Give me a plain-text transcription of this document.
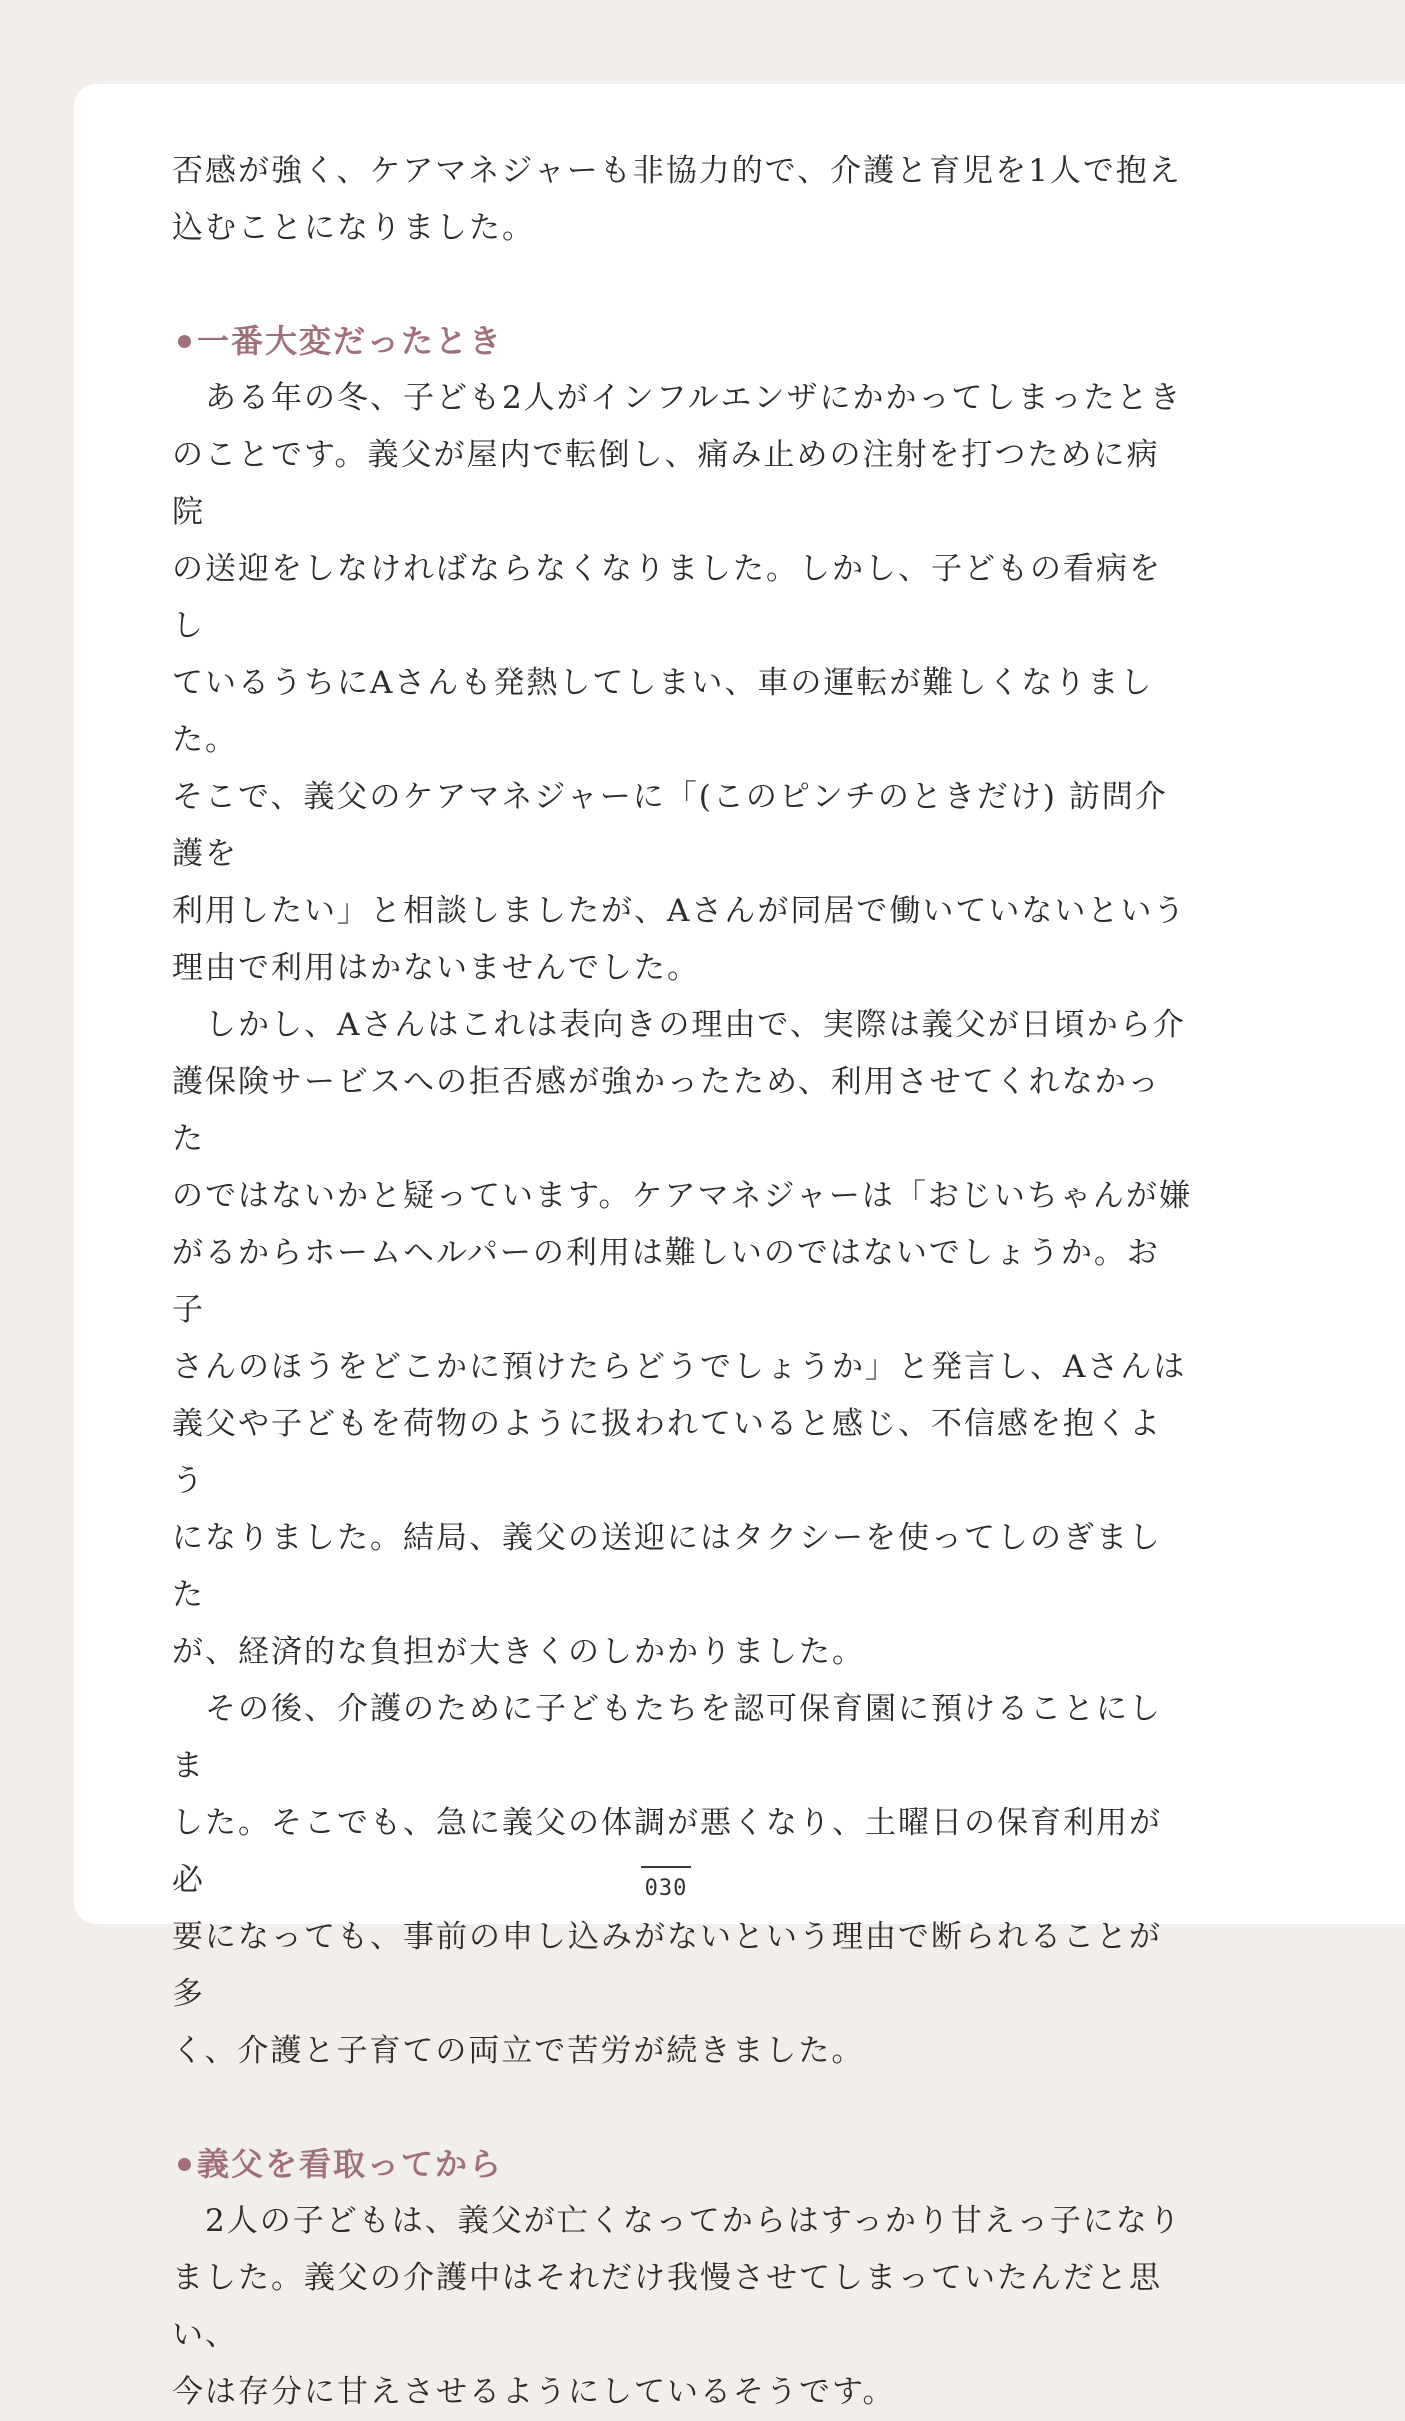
否感が強く、ケアマネジャーも非協力的で、介護と育児を1人で抱え
込むことになりました。

一番大変だったとき

　ある年の冬、子ども2人がインフルエンザにかかってしまったとき
のことです。義父が屋内で転倒し、痛み止めの注射を打つために病院
の送迎をしなければならなくなりました。しかし、子どもの看病をし
ているうちにAさんも発熱してしまい、車の運転が難しくなりました。
そこで、義父のケアマネジャーに「(このピンチのときだけ) 訪問介護を
利用したい」と相談しましたが、Aさんが同居で働いていないという
理由で利用はかないませんでした。

　しかし、Aさんはこれは表向きの理由で、実際は義父が日頃から介
護保険サービスへの拒否感が強かったため、利用させてくれなかった
のではないかと疑っています。ケアマネジャーは「おじいちゃんが嫌
がるからホームヘルパーの利用は難しいのではないでしょうか。お子
さんのほうをどこかに預けたらどうでしょうか」と発言し、Aさんは
義父や子どもを荷物のように扱われていると感じ、不信感を抱くよう
になりました。結局、義父の送迎にはタクシーを使ってしのぎました
が、経済的な負担が大きくのしかかりました。

　その後、介護のために子どもたちを認可保育園に預けることにしま
した。そこでも、急に義父の体調が悪くなり、土曜日の保育利用が必
要になっても、事前の申し込みがないという理由で断られることが多
く、介護と子育ての両立で苦労が続きました。

義父を看取ってから

　2人の子どもは、義父が亡くなってからはすっかり甘えっ子になり
ました。義父の介護中はそれだけ我慢させてしまっていたんだと思い、
今は存分に甘えさせるようにしているそうです。

030
